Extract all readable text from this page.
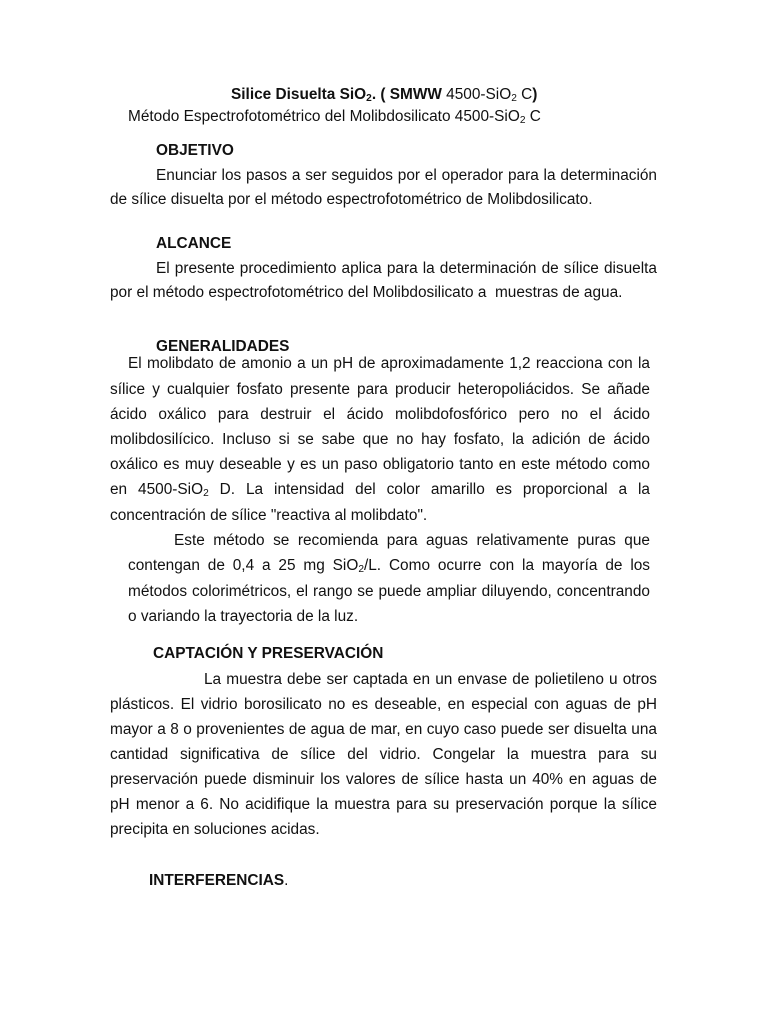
Silice Disuelta SiO$_2$. ( SMWW 4500-SiO$_2$ C)
Método Espectrofotométrico del Molibdosilicato 4500-SiO$_2$ C
OBJETIVO
Enunciar los pasos a ser seguidos por el operador para la determinación
de sílice disuelta por el método espectrofotométrico de Molibdosilicato.
ALCANCE
El presente procedimiento aplica para la determinación de sílice disuelta
por el método espectrofotométrico del Molibdosilicato a  muestras de agua.
GENERALIDADES
El molibdato de amonio a un pH de aproximadamente 1,2 reacciona con la
sílice y cualquier fosfato presente para producir heteropoliácidos. Se añade
ácido oxálico para destruir el ácido molibdofosfórico pero no el ácido
molibdosilícico. Incluso si se sabe que no hay fosfato, la adición de ácido
oxálico es muy deseable y es un paso obligatorio tanto en este método como
en 4500-SiO$_2$ D. La intensidad del color amarillo es proporcional a la
concentración de sílice "reactiva al molibdato".
Este método se recomienda para aguas relativamente puras que
contengan de 0,4 a 25 mg SiO$_2$/L. Como ocurre con la mayoría de los
métodos colorimétricos, el rango se puede ampliar diluyendo, concentrando
o variando la trayectoria de la luz.
CAPTACIÓN Y PRESERVACIÓN
La muestra debe ser captada en un envase de polietileno u otros
plásticos. El vidrio borosilicato no es deseable, en especial con aguas de pH
mayor a 8 o provenientes de agua de mar, en cuyo caso puede ser disuelta una
cantidad significativa de sílice del vidrio. Congelar la muestra para su
preservación puede disminuir los valores de sílice hasta un 40% en aguas de
pH menor a 6. No acidifique la muestra para su preservación porque la sílice
precipita en soluciones acidas.
INTERFERENCIAS.
